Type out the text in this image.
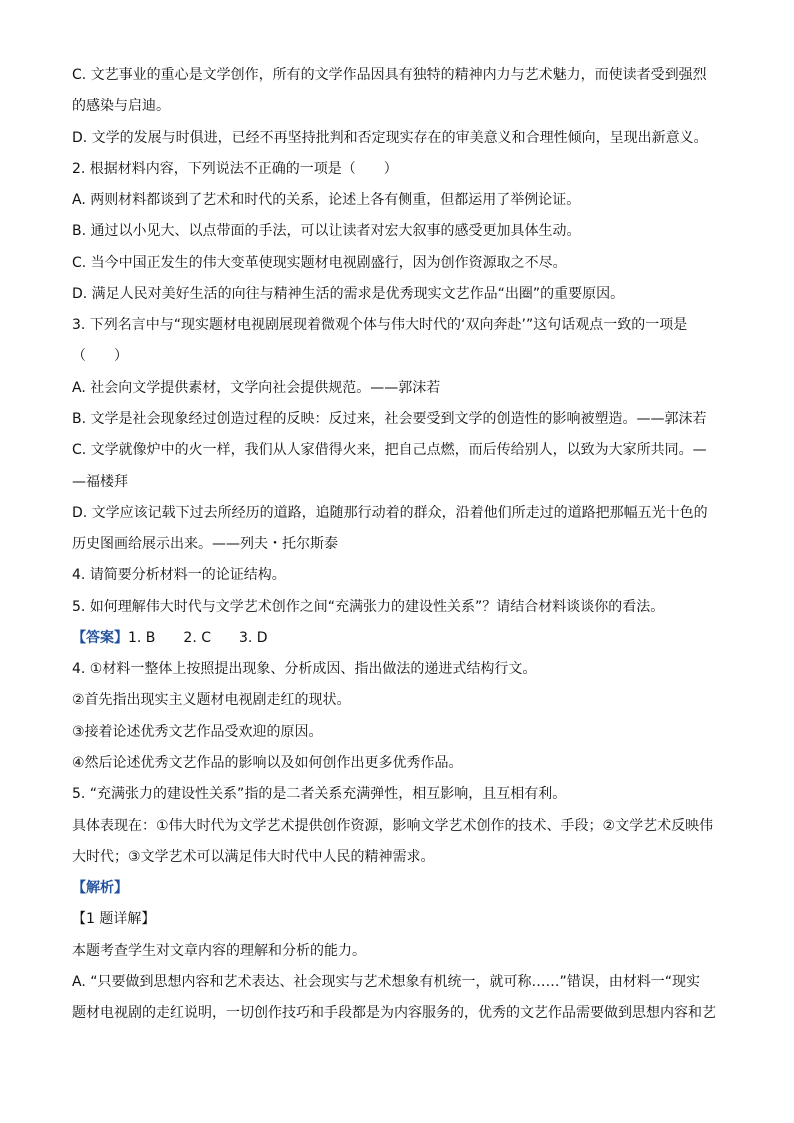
C. 文艺事业的重心是文学创作，所有的文学作品因具有独特的精神内力与艺术魅力，而使读者受到强烈
的感染与启迪。
D. 文学的发展与时俱进，已经不再坚持批判和否定现实存在的审美意义和合理性倾向，呈现出新意义。
2. 根据材料内容，下列说法不正确的一项是（　　）
A. 两则材料都谈到了艺术和时代的关系，论述上各有侧重，但都运用了举例论证。
B. 通过以小见大、以点带面的手法，可以让读者对宏大叙事的感受更加具体生动。
C. 当今中国正发生的伟大变革使现实题材电视剧盛行，因为创作资源取之不尽。
D. 满足人民对美好生活的向往与精神生活的需求是优秀现实文艺作品“出圈”的重要原因。
3. 下列名言中与“现实题材电视剧展现着微观个体与伟大时代的‘双向奔赴’”这句话观点一致的一项是
（　　）
A. 社会向文学提供素材，文学向社会提供规范。——郭沫若
B. 文学是社会现象经过创造过程的反映：反过来，社会要受到文学的创造性的影响被塑造。——郭沫若
C. 文学就像炉中的火一样，我们从人家借得火来，把自己点燃，而后传给别人，以致为大家所共同。—
—福楼拜
D. 文学应该记载下过去所经历的道路，追随那行动着的群众，沿着他们所走过的道路把那幅五光十色的
历史图画给展示出来。——列夫・托尔斯泰
4. 请简要分析材料一的论证结构。
5. 如何理解伟大时代与文学艺术创作之间“充满张力的建设性关系”？请结合材料谈谈你的看法。
【答案】1. B　　2. C　　3. D
4. ①材料一整体上按照提出现象、分析成因、指出做法的递进式结构行文。
②首先指出现实主义题材电视剧走红的现状。
③接着论述优秀文艺作品受欢迎的原因。
④然后论述优秀文艺作品的影响以及如何创作出更多优秀作品。
5. “充满张力的建设性关系”指的是二者关系充满弹性，相互影响，且互相有利。
具体表现在：①伟大时代为文学艺术提供创作资源，影响文学艺术创作的技术、手段；②文学艺术反映伟
大时代；③文学艺术可以满足伟大时代中人民的精神需求。
【解析】
【1 题详解】
本题考查学生对文章内容的理解和分析的能力。
A. “只要做到思想内容和艺术表达、社会现实与艺术想象有机统一，就可称……”错误，由材料一“现实
题材电视剧的走红说明，一切创作技巧和手段都是为内容服务的，优秀的文艺作品需要做到思想内容和艺
